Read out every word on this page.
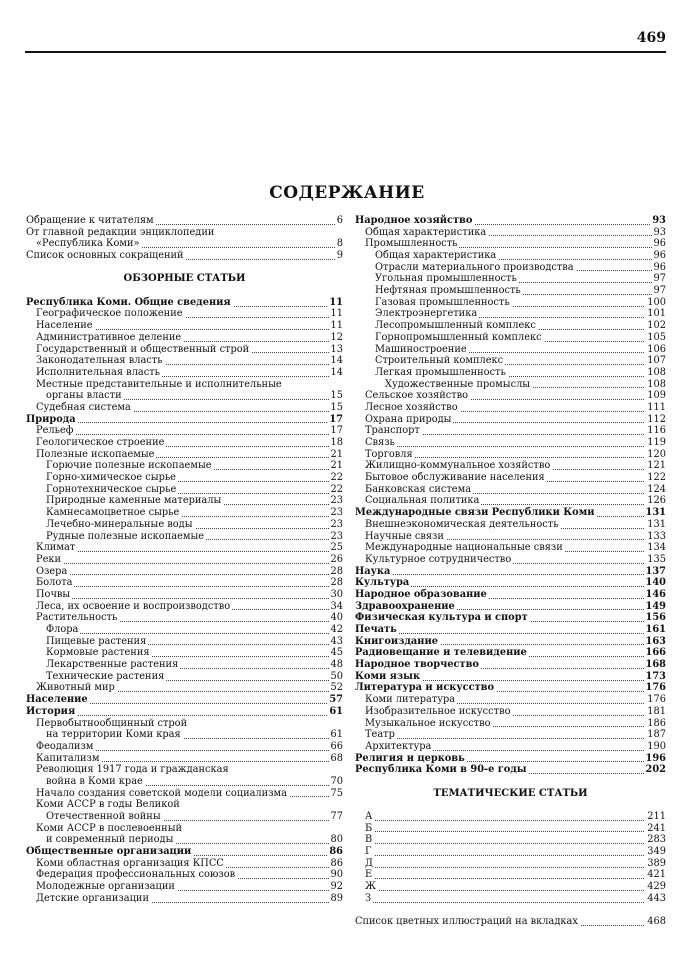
469
СОДЕРЖАНИЕ
Обращение к читателям	6
От главной редакции энциклопедии
«Республика Коми»	8
Список основных сокращений	9
ОБЗОРНЫЕ СТАТЬИ
Республика Коми. Общие сведения	11
Географическое положение	11
Население	11
Административное деление	12
Государственный и общественный строй	13
Законодательная власть	14
Исполнительная власть	14
Местные представительные и исполнительные
органы власти	15
Судебная система	15
Природа	17
Рельеф	17
Геологическое строение	18
Полезные ископаемые	21
Горючие полезные ископаемые	21
Горно-химическое сырье	22
Горнотехническое сырье	22
Природные каменные материалы	23
Камнесамоцветное сырье	23
Лечебно-минеральные воды	23
Рудные полезные ископаемые	23
Климат	25
Реки	26
Озера	28
Болота	28
Почвы	30
Леса, их освоение и воспроизводство	34
Растительность	40
Флора	42
Пищевые растения	43
Кормовые растения	45
Лекарственные растения	48
Технические растения	50
Животный мир	52
Население	57
История	61
Первобытнообщинный строй
на территории Коми края	61
Феодализм	66
Капитализм	68
Революция 1917 года и гражданская
война в Коми крае	70
Начало создания советской модели социализма	75
Коми АССР в годы Великой
Отечественной войны	77
Коми АССР в послевоенный
и современный периоды	80
Общественные организации	86
Коми областная организация КПСС	86
Федерация профессиональных союзов	90
Молодежные организации	92
Детские организации	89
Народное хозяйство	93
Общая характеристика	93
Промышленность	96
Общая характеристика	96
Отрасли материального производства	96
Угольная промышленность	97
Нефтяная промышленность	97
Газовая промышленность	100
Электроэнергетика	101
Лесопромышленный комплекс	102
Горнопромышленный комплекс	105
Машиностроение	106
Строительный комплекс	107
Легкая промышленность	108
Художественные промыслы	108
Сельское хозяйство	109
Лесное хозяйство	111
Охрана природы	112
Транспорт	116
Связь	119
Торговля	120
Жилищно-коммунальное хозяйство	121
Бытовое обслуживание населения	122
Банковская система	124
Социальная политика	126
Международные связи Республики Коми	131
Внешнеэкономическая деятельность	131
Научные связи	133
Международные национальные связи	134
Культурное сотрудничество	135
Наука	137
Культура	140
Народное образование	146
Здравоохранение	149
Физическая культура и спорт	156
Печать	161
Книгоиздание	163
Радиовещание и телевидение	166
Народное творчество	168
Коми язык	173
Литература и искусство	176
Коми литература	176
Изобразительное искусство	181
Музыкальное искусство	186
Театр	187
Архитектура	190
Религия и церковь	196
Республика Коми в 90-е годы	202
ТЕМАТИЧЕСКИЕ СТАТЬИ
А	211
Б	241
В	283
Г	349
Д	389
Е	421
Ж	429
З	443
Список цветных иллюстраций на вкладках	468
